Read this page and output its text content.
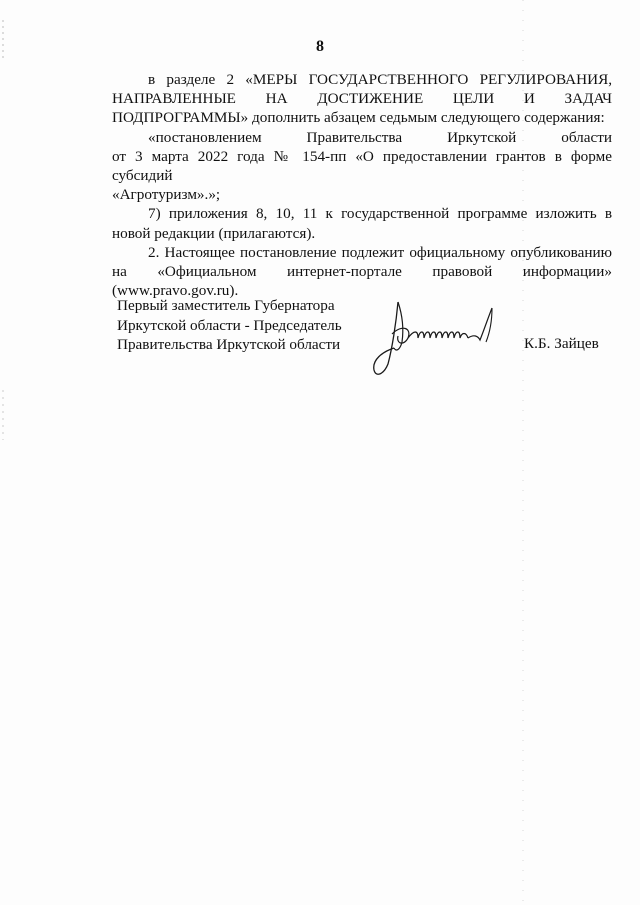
8

в разделе 2 «МЕРЫ ГОСУДАРСТВЕННОГО РЕГУЛИРОВАНИЯ,
НАПРАВЛЕННЫЕ НА ДОСТИЖЕНИЕ ЦЕЛИ И ЗАДАЧ
ПОДПРОГРАММЫ» дополнить абзацем седьмым следующего содержания:

«постановлением Правительства Иркутской области
от 3 марта 2022 года № 154-пп «О предоставлении грантов в форме субсидий
«Агротуризм».»;

7) приложения 8, 10, 11 к государственной программе изложить в
новой редакции (прилагаются).

2. Настоящее постановление подлежит официальному опубликованию
на «Официальном интернет-портале правовой информации»
(www.pravo.gov.ru).

Первый заместитель Губернатора
Иркутской области - Председатель
Правительства Иркутской области	К.Б. Зайцев
